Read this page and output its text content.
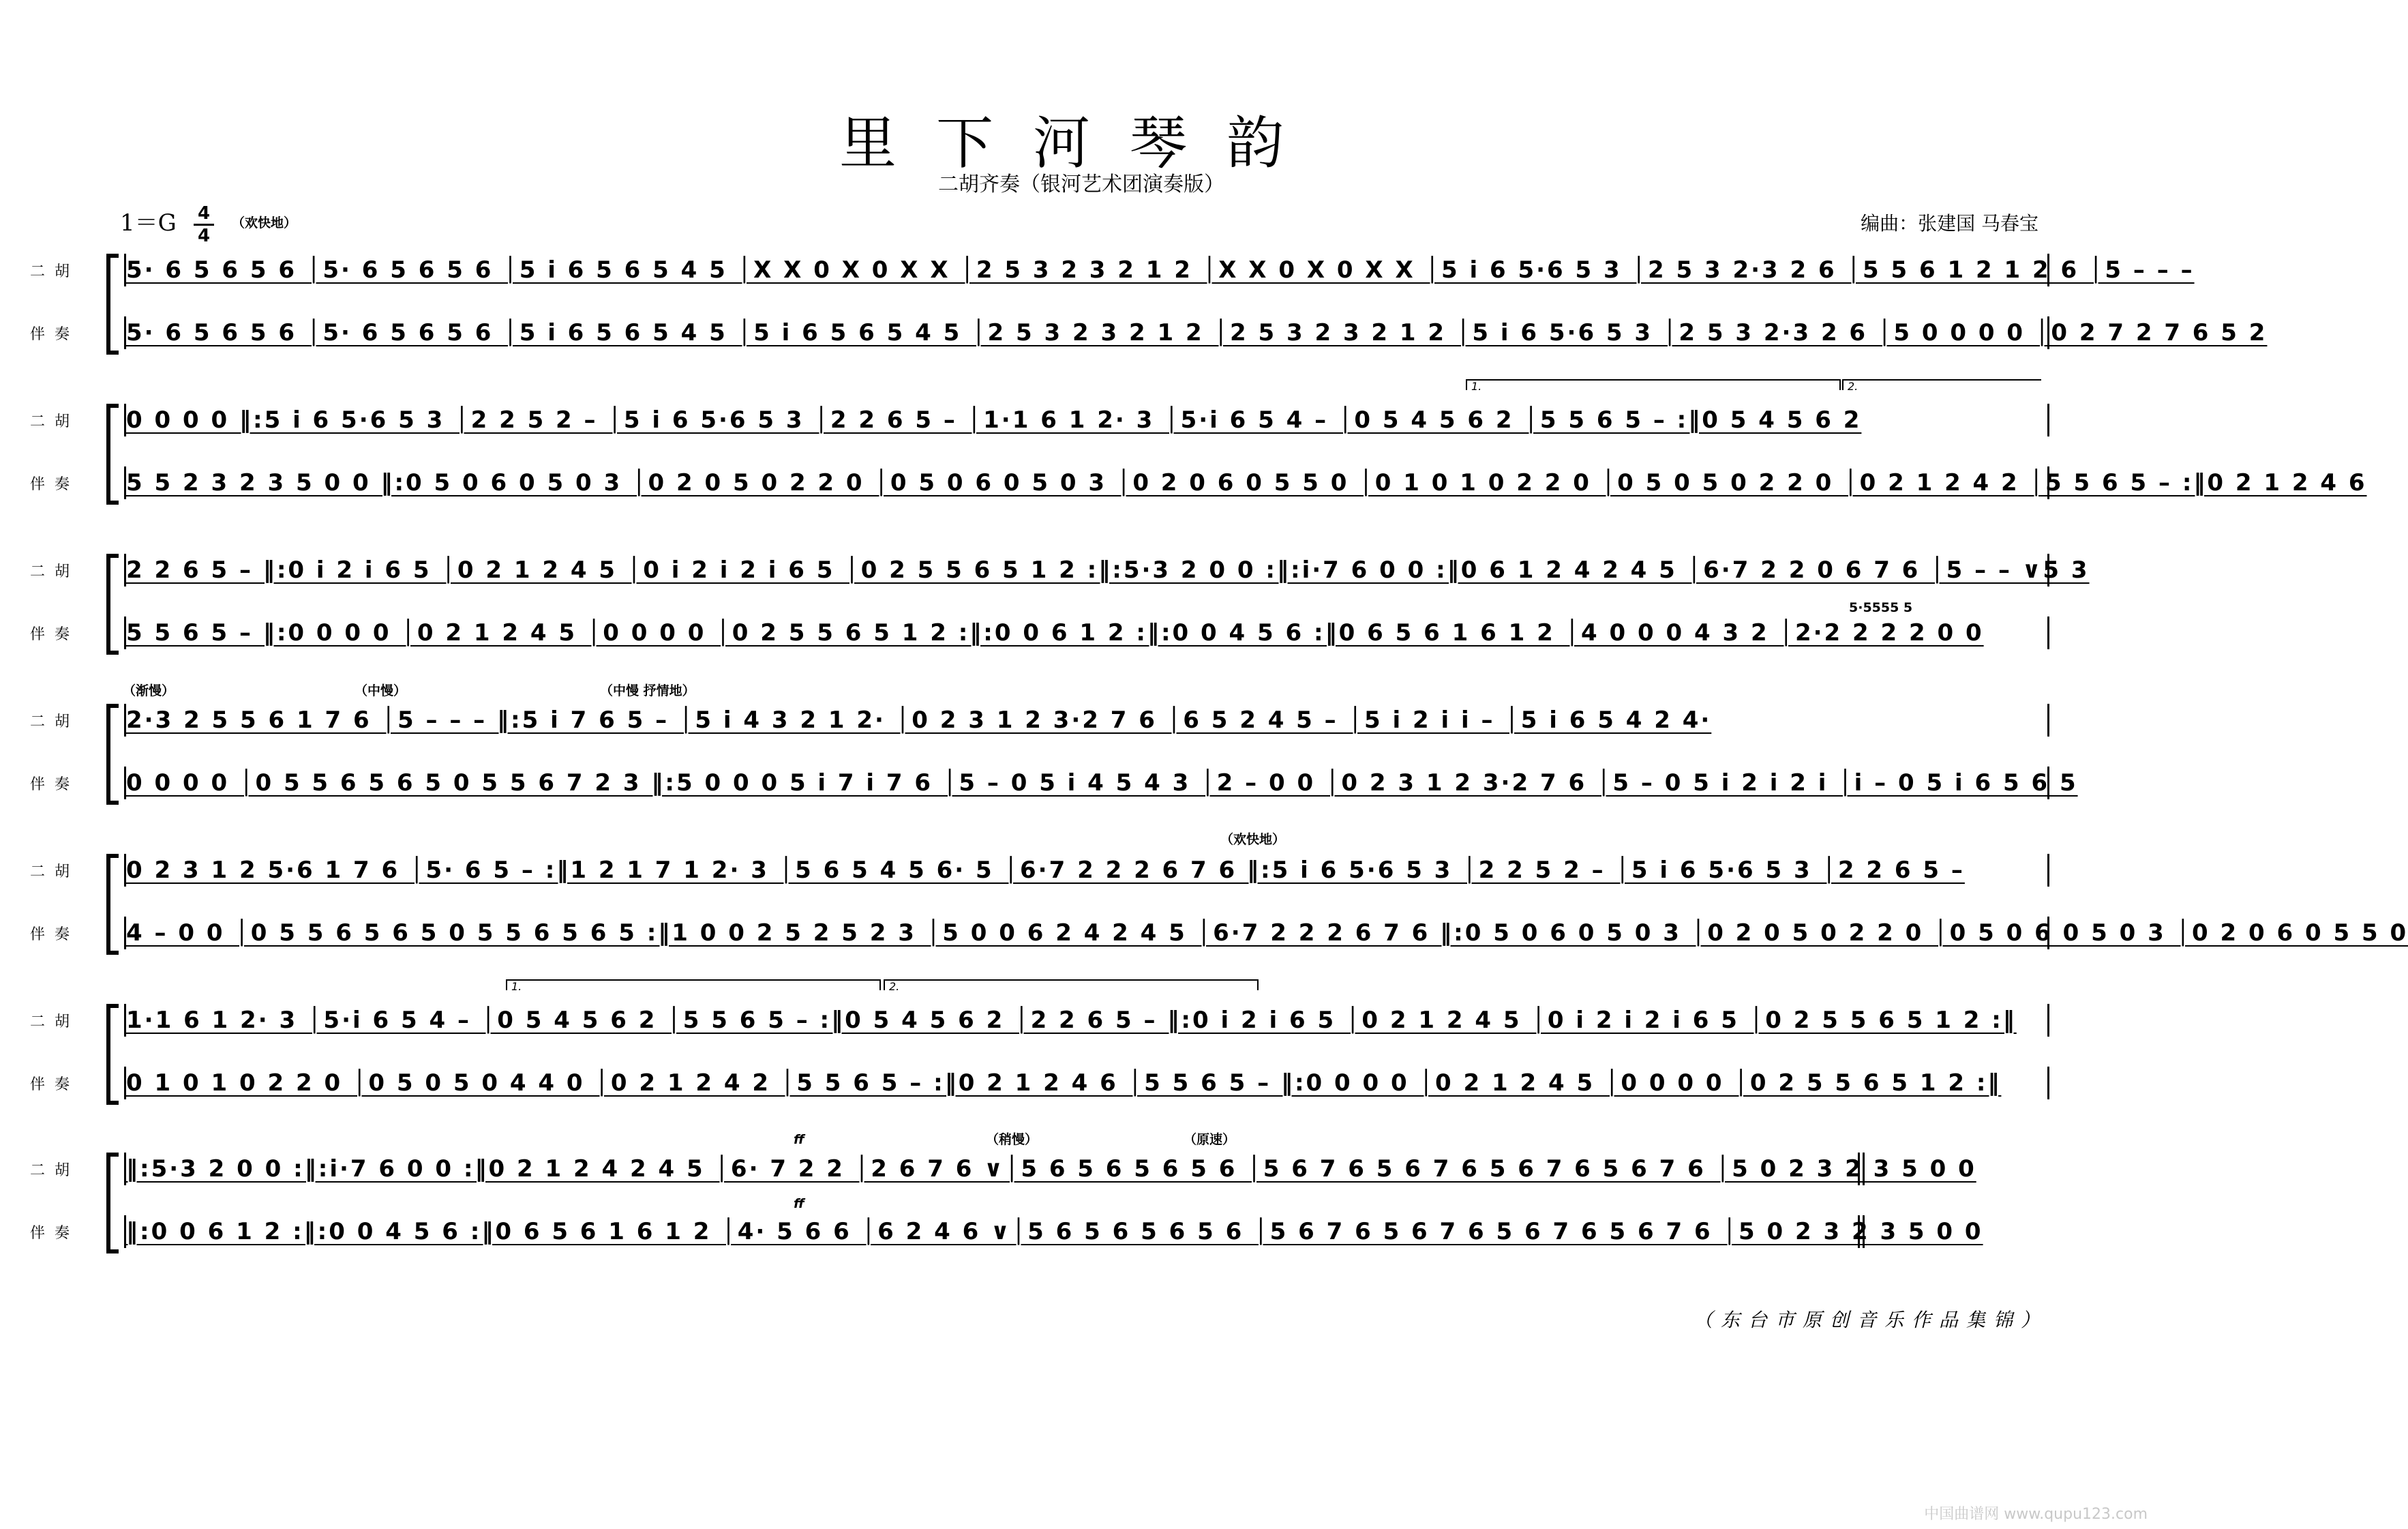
里下河琴韵
二胡齐奏（银河艺术团演奏版）
1＝G 4
4
（欢快地）	编曲：张建国 马春宝
二胡
伴奏
5· 6 5 6 5 6 │5· 6 5 6 5 6 │5 i 6 5 6 5 4 5 │X X 0 X 0 X X │2 5 3 2 3 2 1 2 │X X 0 X 0 X X │5 i 6 5·6 5 3 │2 5 3 2·3 2 6 │5 5 6 1 2 1 2 6 │5 – – –
5· 6 5 6 5 6 │5· 6 5 6 5 6 │5 i 6 5 6 5 4 5 │5 i 6 5 6 5 4 5 │2 5 3 2 3 2 1 2 │2 5 3 2 3 2 1 2 │5 i 6 5·6 5 3 │2 5 3 2·3 2 6 │5 0 0 0 0 │0 2 7 2 7 6 5 2
1.	2.
二胡
伴奏
0 0 0 0 ‖:5 i 6 5·6 5 3 │2 2 5 2 – │5 i 6 5·6 5 3 │2 2 6 5 – │1·1 6 1 2· 3 │5·i 6 5 4 – │0 5 4 5 6 2 │5 5 6 5 – :‖0 5 4 5 6 2
5 5 2 3 2 3 5 0 0 ‖:0 5 0 6 0 5 0 3 │0 2 0 5 0 2 2 0 │0 5 0 6 0 5 0 3 │0 2 0 6 0 5 5 0 │0 1 0 1 0 2 2 0 │0 5 0 5 0 2 2 0 │0 2 1 2 4 2 │5 5 6 5 – :‖0 2 1 2 4 6
二胡
伴奏
2 2 6 5 – ‖:0 i 2 i 6 5 │0 2 1 2 4 5 │0 i 2 i 2 i 6 5 │0 2 5 5 6 5 1 2 :‖:5·3 2 0 0 :‖:i·7 6 0 0 :‖0 6 1 2 4 2 4 5 │6·7 2 2 0 6 7 6 │5 – – ∨5 3
5·5555 5
5 5 6 5 – ‖:0 0 0 0 │0 2 1 2 4 5 │0 0 0 0 │0 2 5 5 6 5 1 2 :‖:0 0 6 1 2 :‖:0 0 4 5 6 :‖0 6 5 6 1 6 1 2 │4 0 0 0 4 3 2 │2·2 2 2 2 0 0
（渐慢）	（中慢）	（中慢 抒情地）
二胡
伴奏
2·3 2 5 5 6 1 7 6 │5 – – – ‖:5 i 7 6 5 – │5 i 4 3 2 1 2· │0 2 3 1 2 3·2 7 6 │6 5 2 4 5 – │5 i 2 i i – │5 i 6 5 4 2 4·
0 0 0 0 │0 5 5 6 5 6 5 0 5 5 6 7 2 3 ‖:5 0 0 0 5 i 7 i 7 6 │5 – 0 5 i 4 5 4 3 │2 – 0 0 │0 2 3 1 2 3·2 7 6 │5 – 0 5 i 2 i 2 i │i – 0 5 i 6 5 6 5
（欢快地）
二胡
伴奏
0 2 3 1 2 5·6 1 7 6 │5· 6 5 – :‖1 2 1 7 1 2· 3 │5 6 5 4 5 6· 5 │6·7 2 2 2 6 7 6 ‖:5 i 6 5·6 5 3 │2 2 5 2 – │5 i 6 5·6 5 3 │2 2 6 5 –
4 – 0 0 │0 5 5 6 5 6 5 0 5 5 6 5 6 5 :‖1 0 0 2 5 2 5 2 3 │5 0 0 6 2 4 2 4 5 │6·7 2 2 2 6 7 6 ‖:0 5 0 6 0 5 0 3 │0 2 0 5 0 2 2 0 │0 5 0 6 0 5 0 3 │0 2 0 6 0 5 5 0
1.	2.
二胡
伴奏
1·1 6 1 2· 3 │5·i 6 5 4 – │0 5 4 5 6 2 │5 5 6 5 – :‖0 5 4 5 6 2 │2 2 6 5 – ‖:0 i 2 i 6 5 │0 2 1 2 4 5 │0 i 2 i 2 i 6 5 │0 2 5 5 6 5 1 2 :‖
0 1 0 1 0 2 2 0 │0 5 0 5 0 4 4 0 │0 2 1 2 4 2 │5 5 6 5 – :‖0 2 1 2 4 6 │5 5 6 5 – ‖:0 0 0 0 │0 2 1 2 4 5 │0 0 0 0 │0 2 5 5 6 5 1 2 :‖
ff	（稍慢）	（原速）
二胡
伴奏
‖:5·3 2 0 0 :‖:i·7 6 0 0 :‖0 2 1 2 4 2 4 5 │6· 7 2 2 │2 6 7 6 ∨│5 6 5 6 5 6 5 6 │5 6 7 6 5 6 7 6 5 6 7 6 5 6 7 6 │5 0 2 3 2 3 5 0 0
ff
‖:0 0 6 1 2 :‖:0 0 4 5 6 :‖0 6 5 6 1 6 1 2 │4· 5 6 6 │6 2 4 6 ∨│5 6 5 6 5 6 5 6 │5 6 7 6 5 6 7 6 5 6 7 6 5 6 7 6 │5 0 2 3 2 3 5 0 0
（东台市原创音乐作品集锦）
中国曲谱网 www.qupu123.com
